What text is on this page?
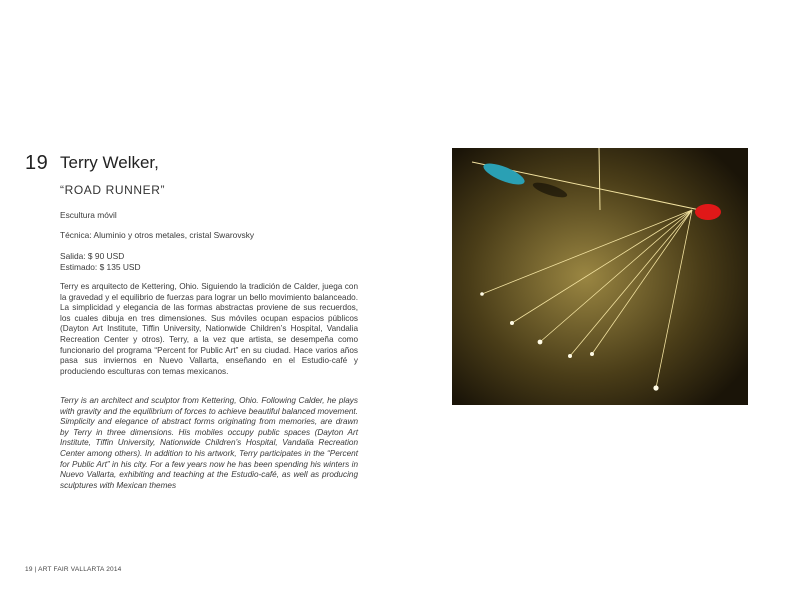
19 Terry Welker,
“ROAD RUNNER”
Escultura móvil
Técnica: Aluminio y otros metales, cristal Swarovsky
Salida: $ 90 USD
Estimado: $ 135 USD

Terry es arquitecto de Kettering, Ohio. Siguiendo la tradición de Calder, juega con la gravedad y el equilibrio de fuerzas para lograr un bello movimiento balanceado. La simplicidad y elegancia de las formas abstractas proviene de sus recuerdos, los cuales dibuja en tres dimensiones. Sus móviles ocupan espacios públicos (Dayton Art Institute, Tiffin University, Nationwide Children’s Hospital, Vandalia Recreation Center y otros). Terry, a la vez que artista, se desempeña como funcionario del programa “Percent for Public Art” en su ciudad. Hace varios años pasa sus inviernos en Nuevo Vallarta, enseñando en el Estudio-café y produciendo esculturas con temas mexicanos.

Terry is an architect and sculptor from Kettering, Ohio. Following Calder, he plays with gravity and the equilibrium of forces to achieve beautiful balanced movement. Simplicity and elegance of abstract forms originating from memories, are drawn by Terry in three dimensions. His mobiles occupy public spaces (Dayton Art Institute, Tiffin University, Nationwide Children’s Hospital, Vandalia Recreation Center among others). In addition to his artwork, Terry participates in the “Percent for Public Art” in his city. For a few years now he has been spending his winters in Nuevo Vallarta, exhibiting and teaching at the Estudio-café, as well as producing sculptures with Mexican themes

19 | ART FAIR VALLARTA 2014
